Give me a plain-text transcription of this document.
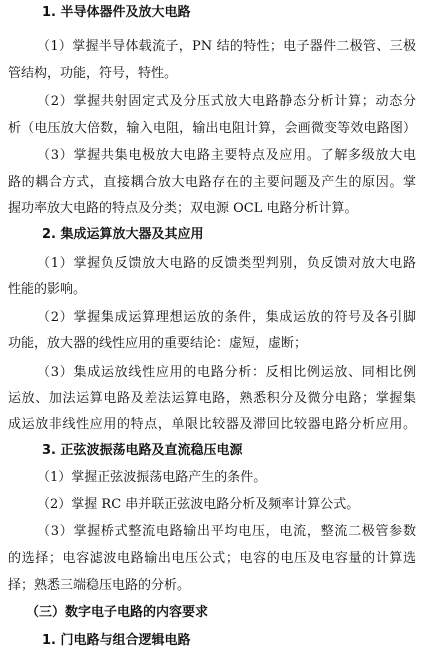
1. 半导体器件及放大电路
（1）掌握半导体载流子，PN 结的特性；电子器件二极管、三极
管结构，功能，符号，特性。
（2）掌握共射固定式及分压式放大电路静态分析计算；动态分
析（电压放大倍数，输入电阻，输出电阻计算，会画微变等效电路图）
（3）掌握共集电极放大电路主要特点及应用。了解多级放大电
路的耦合方式，直接耦合放大电路存在的主要问题及产生的原因。掌
握功率放大电路的特点及分类；双电源 OCL 电路分析计算。
2. 集成运算放大器及其应用
（1）掌握负反馈放大电路的反馈类型判别，负反馈对放大电路
性能的影响。
（2）掌握集成运算理想运放的条件，集成运放的符号及各引脚
功能，放大器的线性应用的重要结论：虚短，虚断；
（3）集成运放线性应用的电路分析：反相比例运放、同相比例
运放、加法运算电路及差法运算电路，熟悉积分及微分电路；掌握集
成运放非线性应用的特点，单限比较器及滞回比较器电路分析应用。
3. 正弦波振荡电路及直流稳压电源
（1）掌握正弦波振荡电路产生的条件。
（2）掌握 RC 串并联正弦波电路分析及频率计算公式。
（3）掌握桥式整流电路输出平均电压，电流，整流二极管参数
的选择；电容滤波电路输出电压公式；电容的电压及电容量的计算选
择；熟悉三端稳压电路的分析。
（三）数字电子电路的内容要求
1. 门电路与组合逻辑电路
